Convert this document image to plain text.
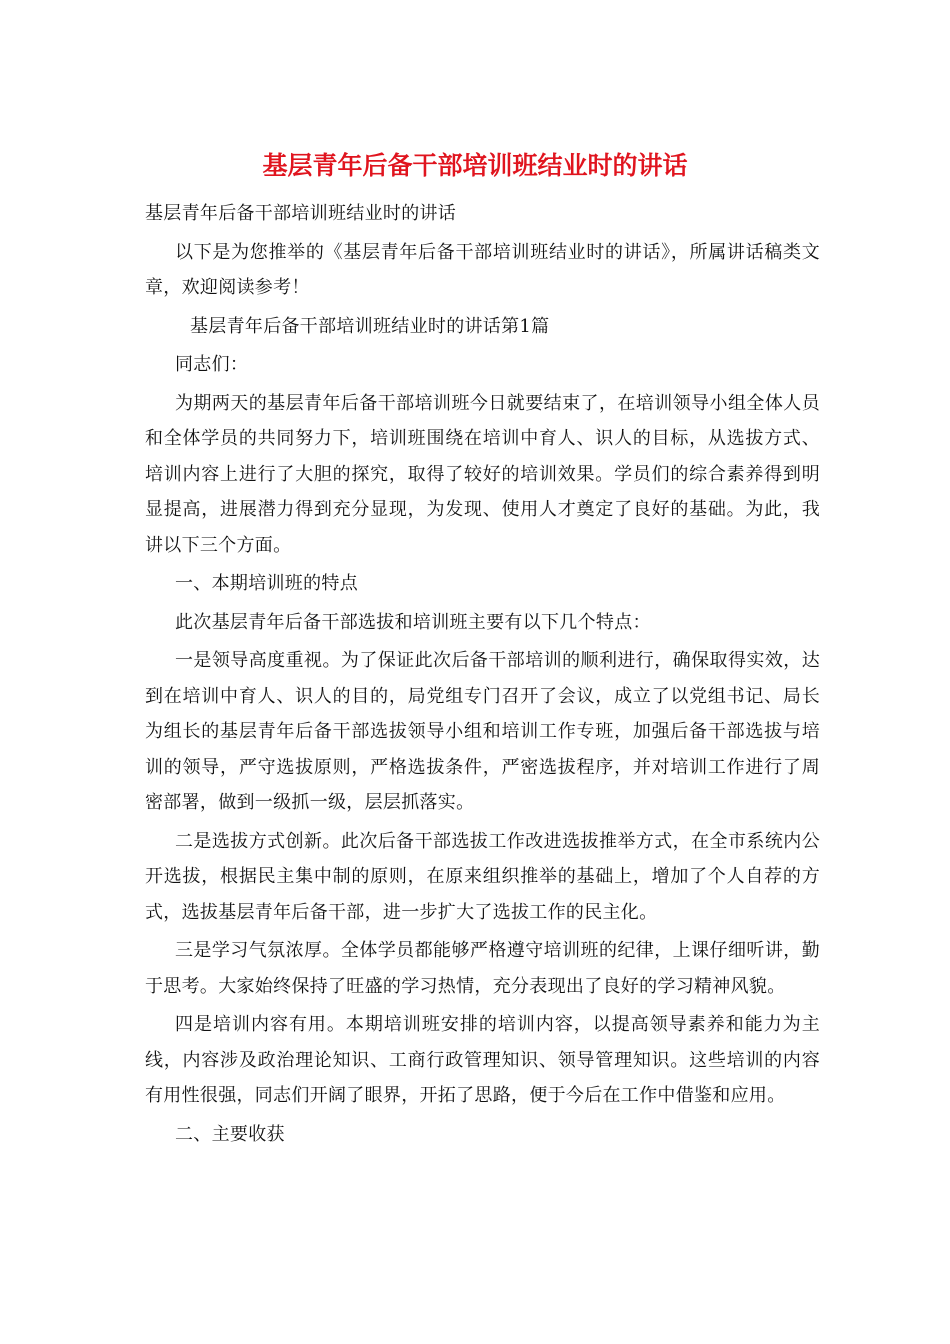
基层青年后备干部培训班结业时的讲话

基层青年后备干部培训班结业时的讲话

以下是为您推举的《基层青年后备干部培训班结业时的讲话》，所属讲话稿类文章，欢迎阅读参考！

基层青年后备干部培训班结业时的讲话第1篇

同志们：

为期两天的基层青年后备干部培训班今日就要结束了，在培训领导小组全体人员和全体学员的共同努力下，培训班围绕在培训中育人、识人的目标，从选拔方式、培训内容上进行了大胆的探究，取得了较好的培训效果。学员们的综合素养得到明显提高，进展潜力得到充分显现，为发现、使用人才奠定了良好的基础。为此，我讲以下三个方面。

一、本期培训班的特点

此次基层青年后备干部选拔和培训班主要有以下几个特点：

一是领导高度重视。为了保证此次后备干部培训的顺利进行，确保取得实效，达到在培训中育人、识人的目的，局党组专门召开了会议，成立了以党组书记、局长为组长的基层青年后备干部选拔领导小组和培训工作专班，加强后备干部选拔与培训的领导，严守选拔原则，严格选拔条件，严密选拔程序，并对培训工作进行了周密部署，做到一级抓一级，层层抓落实。

二是选拔方式创新。此次后备干部选拔工作改进选拔推举方式，在全市系统内公开选拔，根据民主集中制的原则，在原来组织推举的基础上，增加了个人自荐的方式，选拔基层青年后备干部，进一步扩大了选拔工作的民主化。

三是学习气氛浓厚。全体学员都能够严格遵守培训班的纪律，上课仔细听讲，勤于思考。大家始终保持了旺盛的学习热情，充分表现出了良好的学习精神风貌。

四是培训内容有用。本期培训班安排的培训内容，以提高领导素养和能力为主线，内容涉及政治理论知识、工商行政管理知识、领导管理知识。这些培训的内容有用性很强，同志们开阔了眼界，开拓了思路，便于今后在工作中借鉴和应用。

二、主要收获
